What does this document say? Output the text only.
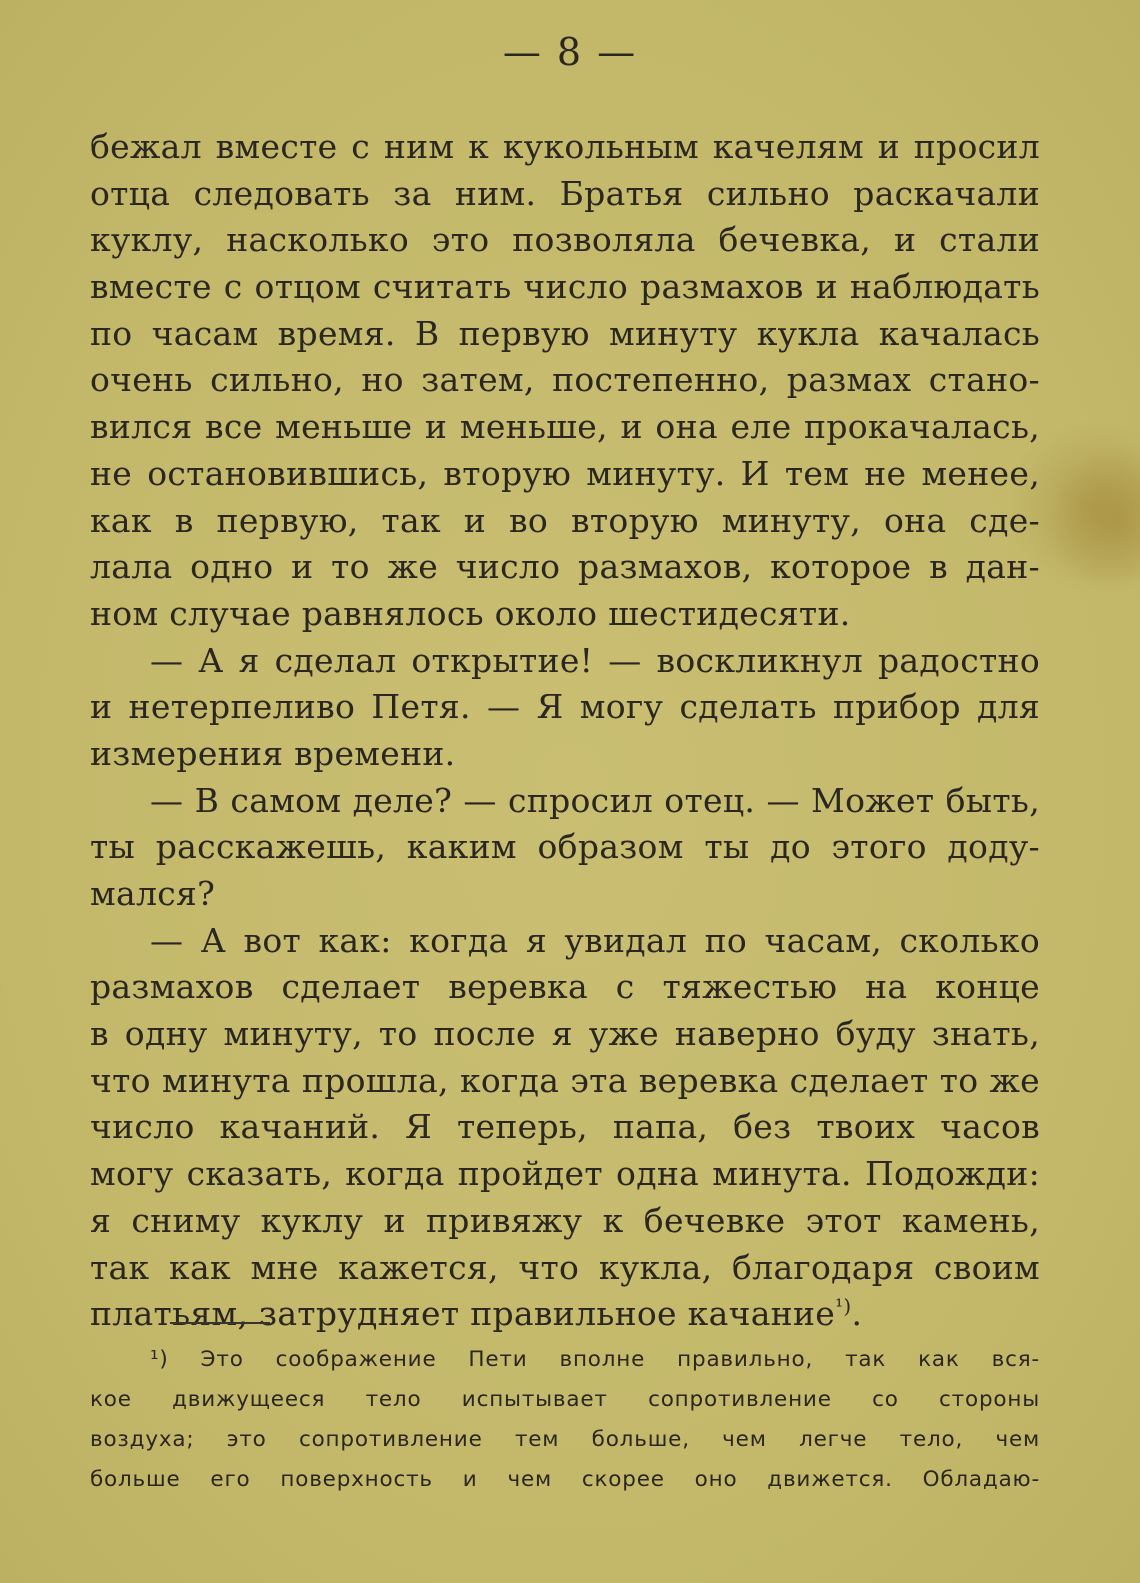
— 8 —
бежал вместе с ним к кукольным качелям и просил
отца следовать за ним. Братья сильно раскачали
куклу, насколько это позволяла бечевка, и стали
вместе с отцом считать число размахов и наблюдать
по часам время. В первую минуту кукла качалась
очень сильно, но затем, постепенно, размах стано-
вился все меньше и меньше, и она еле прокачалась,
не остановившись, вторую минуту. И тем не менее,
как в первую, так и во вторую минуту, она сде-
лала одно и то же число размахов, которое в дан-
ном случае равнялось около шестидесяти.
— А я сделал открытие! — воскликнул радостно
и нетерпеливо Петя. — Я могу сделать прибор для
измерения времени.
— В самом деле? — спросил отец. — Может быть,
ты расскажешь, каким образом ты до этого доду-
мался?
— А вот как: когда я увидал по часам, сколько
размахов сделает веревка с тяжестью на конце
в одну минуту, то после я уже наверно буду знать,
что минута прошла, когда эта веревка сделает то же
число качаний. Я теперь, папа, без твоих часов
могу сказать, когда пройдет одна минута. Подожди:
я сниму куклу и привяжу к бечевке этот камень,
так как мне кажется, что кукла, благодаря своим
платьям, затрудняет правильное качание$^{^1)}$.
¹) Это соображение Пети вполне правильно, так как вся-
кое движущееся тело испытывает сопротивление со стороны
воздуха; это сопротивление тем больше, чем легче тело, чем
больше его поверхность и чем скорее оно движется. Обладаю-
